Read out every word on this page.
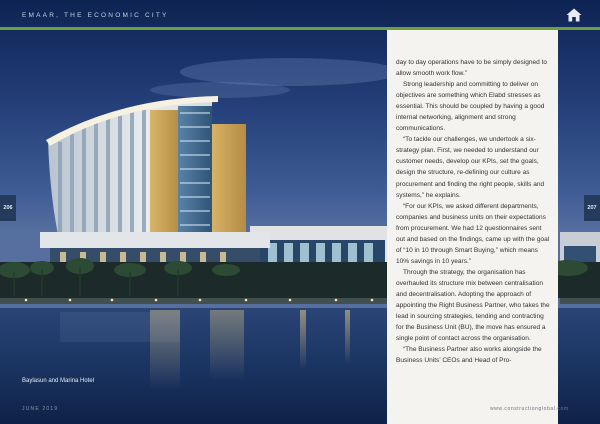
EMAAR, THE ECONOMIC CITY
206	207

day to day operations have to be simply designed to allow smooth work flow.”

Strong leadership and committing to deliver on objectives are something which Elabd stresses as essential. This should be coupled by having a good internal networking, alignment and strong communications.

“To tackle our challenges, we undertook a six-strategy plan. First, we needed to understand our customer needs, develop our KPIs, set the goals, design the structure, re-defining our culture as procurement and finding the right people, skills and systems,” he explains.

“For our KPIs, we asked different departments, companies and business units on their expectations from procurement. We had 12 questionnaires sent out and based on the findings, came up with the goal of “10 in 10 through Smart Buying,” which means 10% savings in 10 years.”

Through the strategy, the organisation has overhauled its structure mix between centralisation and decentralisation. Adopting the approach of appointing the Right Business Partner, who takes the lead in sourcing strategies, tending and contracting for the Business Unit (BU), the move has ensured a single point of contact across the organisation.

“The Business Partner also works alongside the Business Units’ CEOs and Head of Pro-

Baylasun and Marina Hotel
JUNE 2019	www.constructionglobal.com
